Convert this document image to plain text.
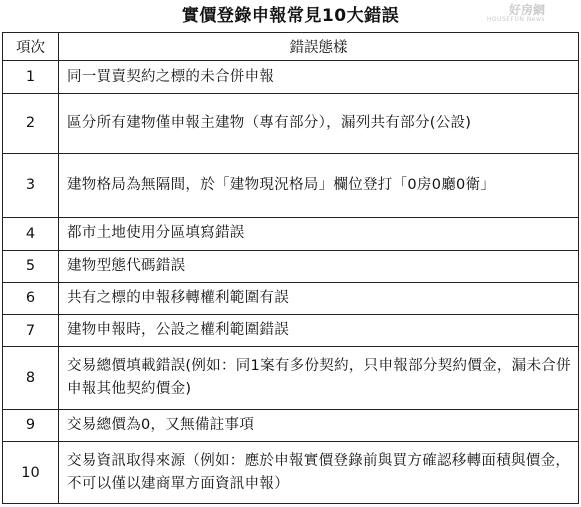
實價登錄申報常見10大錯誤	好房網
HOUSEFUN News
項次	錯誤態樣
1	同一買賣契約之標的未合併申報
2	區分所有建物僅申報主建物（專有部分），漏列共有部分(公設)
3	建物格局為無隔間，於「建物現況格局」欄位登打「0房0廳0衛」
4	都市土地使用分區填寫錯誤
5	建物型態代碼錯誤
6	共有之標的申報移轉權利範圍有誤
7	建物申報時，公設之權利範圍錯誤
8	交易總價填載錯誤(例如：同1案有多份契約，只申報部分契約價金，漏未合併申報其他契約價金)
9	交易總價為0，又無備註事項
10	交易資訊取得來源（例如：應於申報實價登錄前與買方確認移轉面積與價金，不可以僅以建商單方面資訊申報）
